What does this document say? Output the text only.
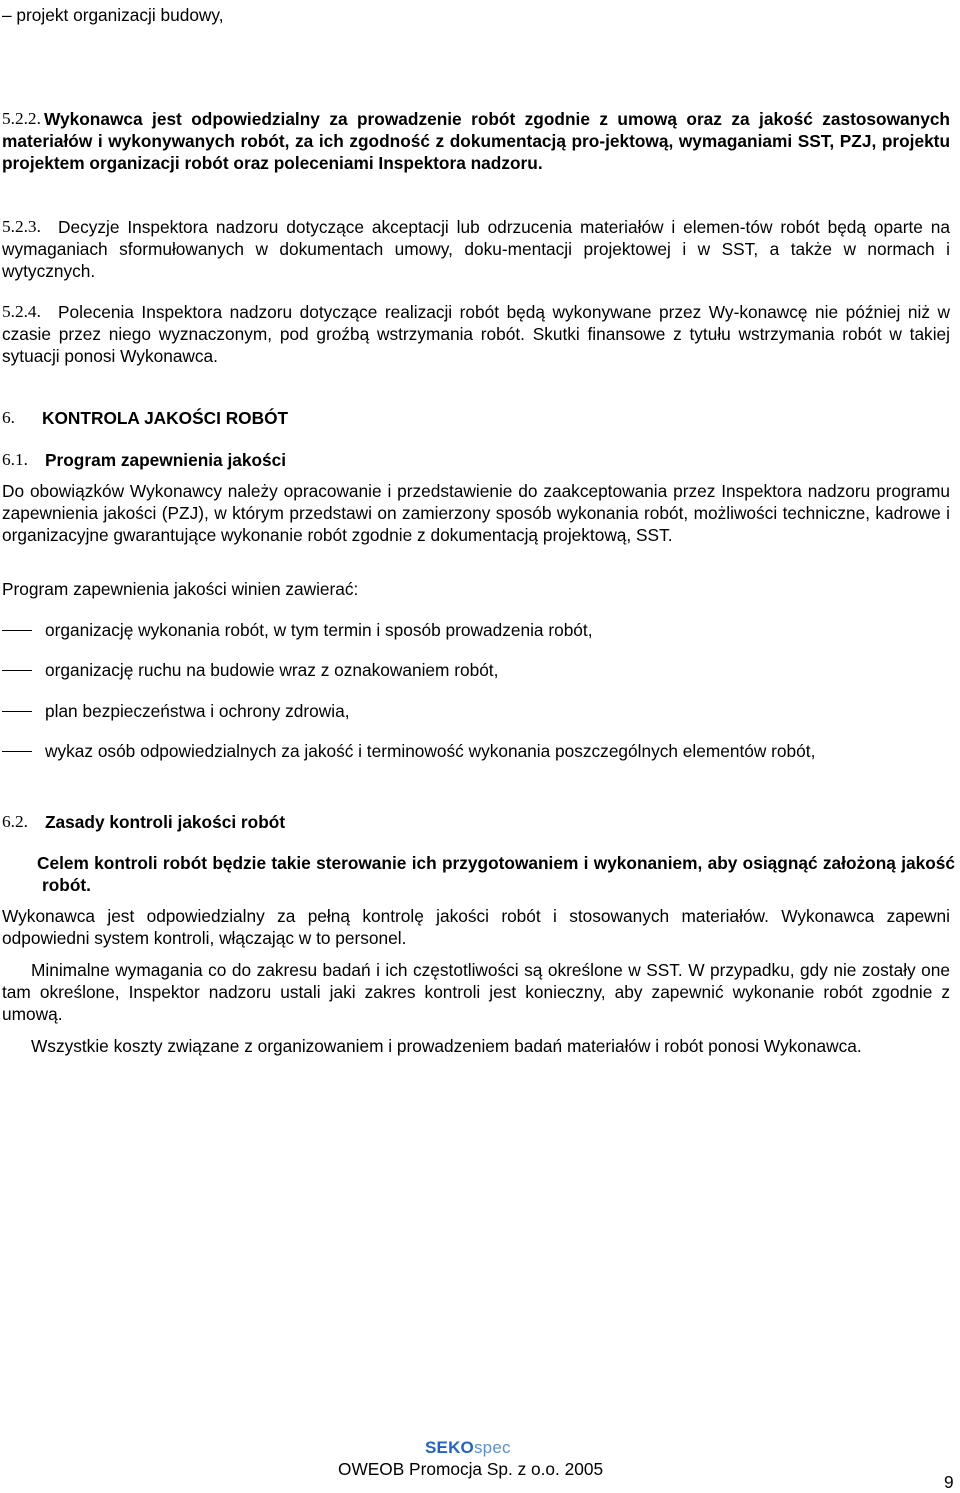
– projekt organizacji budowy,
5.2.2. Wykonawca jest odpowiedzialny za prowadzenie robót zgodnie z umową oraz za jakość zastosowanych materiałów i wykonywanych robót, za ich zgodność z dokumentacją pro-jektową, wymaganiami SST, PZJ, projektu projektem organizacji robót oraz poleceniami Inspektora nadzoru.
5.2.3. Decyzje Inspektora nadzoru dotyczące akceptacji lub odrzucenia materiałów i elemen-tów robót będą oparte na wymaganiach sformułowanych w dokumentach umowy, doku-mentacji projektowej i w SST, a także w normach i wytycznych.
5.2.4. Polecenia Inspektora nadzoru dotyczące realizacji robót będą wykonywane przez Wy-konawcę nie później niż w czasie przez niego wyznaczonym, pod groźbą wstrzymania robót. Skutki finansowe z tytułu wstrzymania robót w takiej sytuacji ponosi Wykonawca.
6. KONTROLA JAKOŚCI ROBÓT
6.1. Program zapewnienia jakości
Do obowiązków Wykonawcy należy opracowanie i przedstawienie do zaakceptowania przez Inspektora nadzoru programu zapewnienia jakości (PZJ), w którym przedstawi on zamierzony sposób wykonania robót, możliwości techniczne, kadrowe i organizacyjne gwarantujące wykonanie robót zgodnie z dokumentacją projektową, SST.
Program zapewnienia jakości winien zawierać:
organizację wykonania robót, w tym termin i sposób prowadzenia robót,
organizację ruchu na budowie wraz z oznakowaniem robót,
plan bezpieczeństwa i ochrony zdrowia,
wykaz osób odpowiedzialnych za jakość i terminowość wykonania poszczególnych elementów robót,
6.2. Zasady kontroli jakości robót
Celem kontroli robót będzie takie sterowanie ich przygotowaniem i wykonaniem, aby osiągnąć założoną jakość robót.
Wykonawca jest odpowiedzialny za pełną kontrolę jakości robót i stosowanych materiałów. Wykonawca zapewni odpowiedni system kontroli, włączając w to personel.
Minimalne wymagania co do zakresu badań i ich częstotliwości są określone w SST. W przypadku, gdy nie zostały one tam określone, Inspektor nadzoru ustali jaki zakres kontroli jest konieczny, aby zapewnić wykonanie robót zgodnie z umową.
Wszystkie koszty związane z organizowaniem i prowadzeniem badań materiałów i robót ponosi Wykonawca.
SEKOspec
OWEOB Promocja Sp. z o.o. 2005
9
